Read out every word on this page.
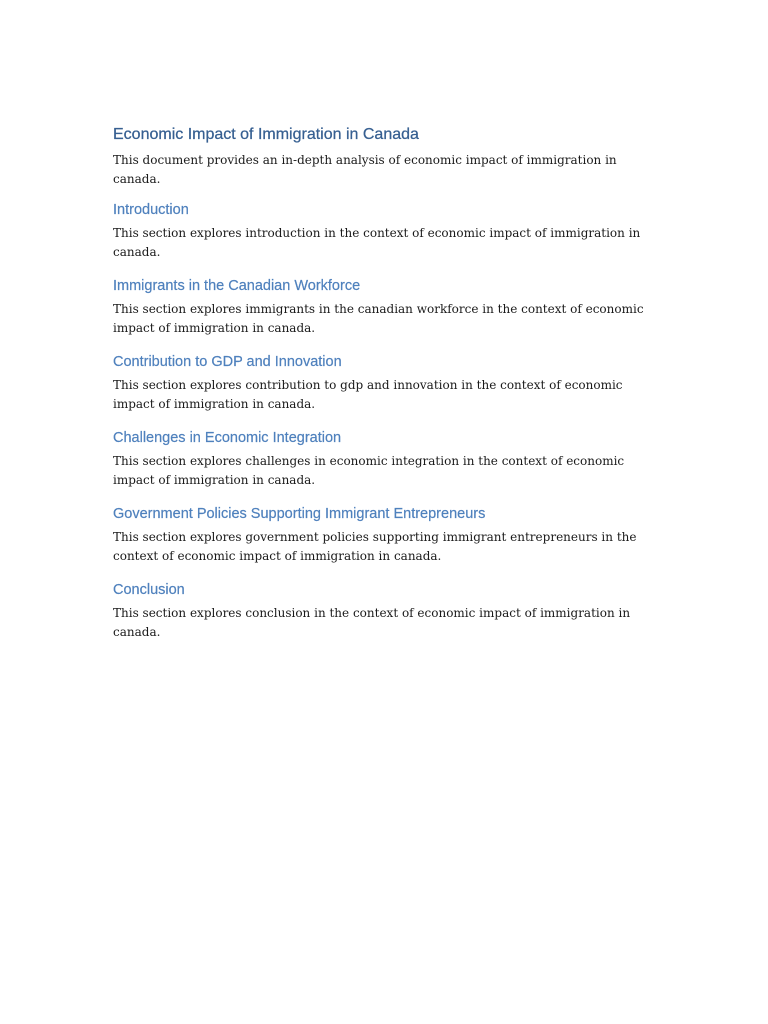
Economic Impact of Immigration in Canada

This document provides an in-depth analysis of economic impact of immigration in canada.

Introduction

This section explores introduction in the context of economic impact of immigration in canada.

Immigrants in the Canadian Workforce

This section explores immigrants in the canadian workforce in the context of economic impact of immigration in canada.

Contribution to GDP and Innovation

This section explores contribution to gdp and innovation in the context of economic impact of immigration in canada.

Challenges in Economic Integration

This section explores challenges in economic integration in the context of economic impact of immigration in canada.

Government Policies Supporting Immigrant Entrepreneurs

This section explores government policies supporting immigrant entrepreneurs in the context of economic impact of immigration in canada.

Conclusion

This section explores conclusion in the context of economic impact of immigration in canada.
